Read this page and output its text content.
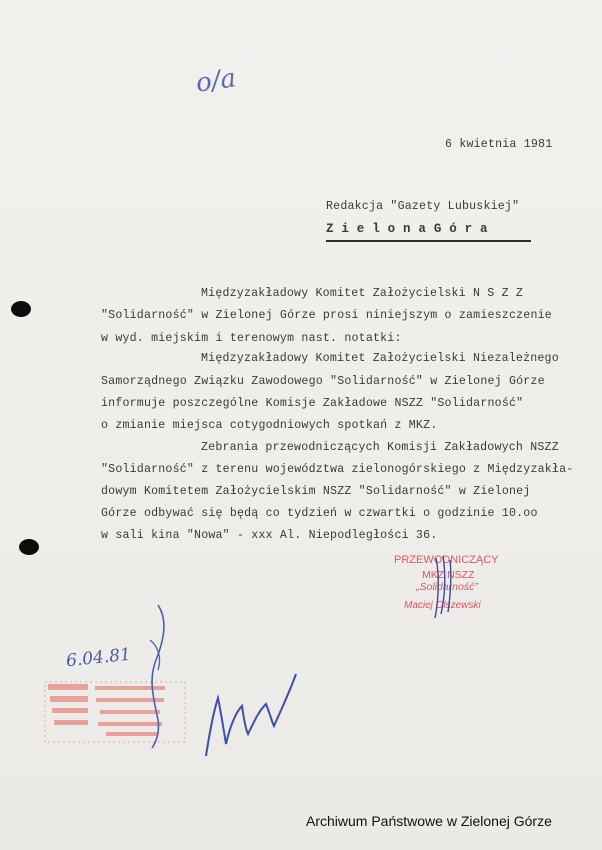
o/a
6 kwietnia 1981
Redakcja "Gazety Lubuskiej"
Z i e l o n a G ó r a
Międzyzakładowy Komitet Założycielski N S Z Z
"Solidarność" w Zielonej Górze prosi niniejszym o zamieszczenie
w wyd. miejskim i terenowym nast. notatki:
Międzyzakładowy Komitet Założycielski Niezależnego
Samorządnego Związku Zawodowego "Solidarność" w Zielonej Górze
informuje poszczególne Komisje Zakładowe NSZZ "Solidarność"
o zmianie miejsca cotygodniowych spotkań z MKZ.
Zebrania przewodniczących Komisji Zakładowych NSZZ
"Solidarność" z terenu województwa zielonogórskiego z Międzyzakła-
dowym Komitetem Założycielskim NSZZ "Solidarność" w Zielonej
Górze odbywać się będą co tydzień w czwartki o godzinie 10.oo
w sali kina "Nowa" - xxx Al. Niepodległości 36.
PRZEWODNICZĄCY
MKZ NSZZ
„Solidarność”
Maciej Olszewski
6.04.81
Archiwum Państwowe w Zielonej Górze
